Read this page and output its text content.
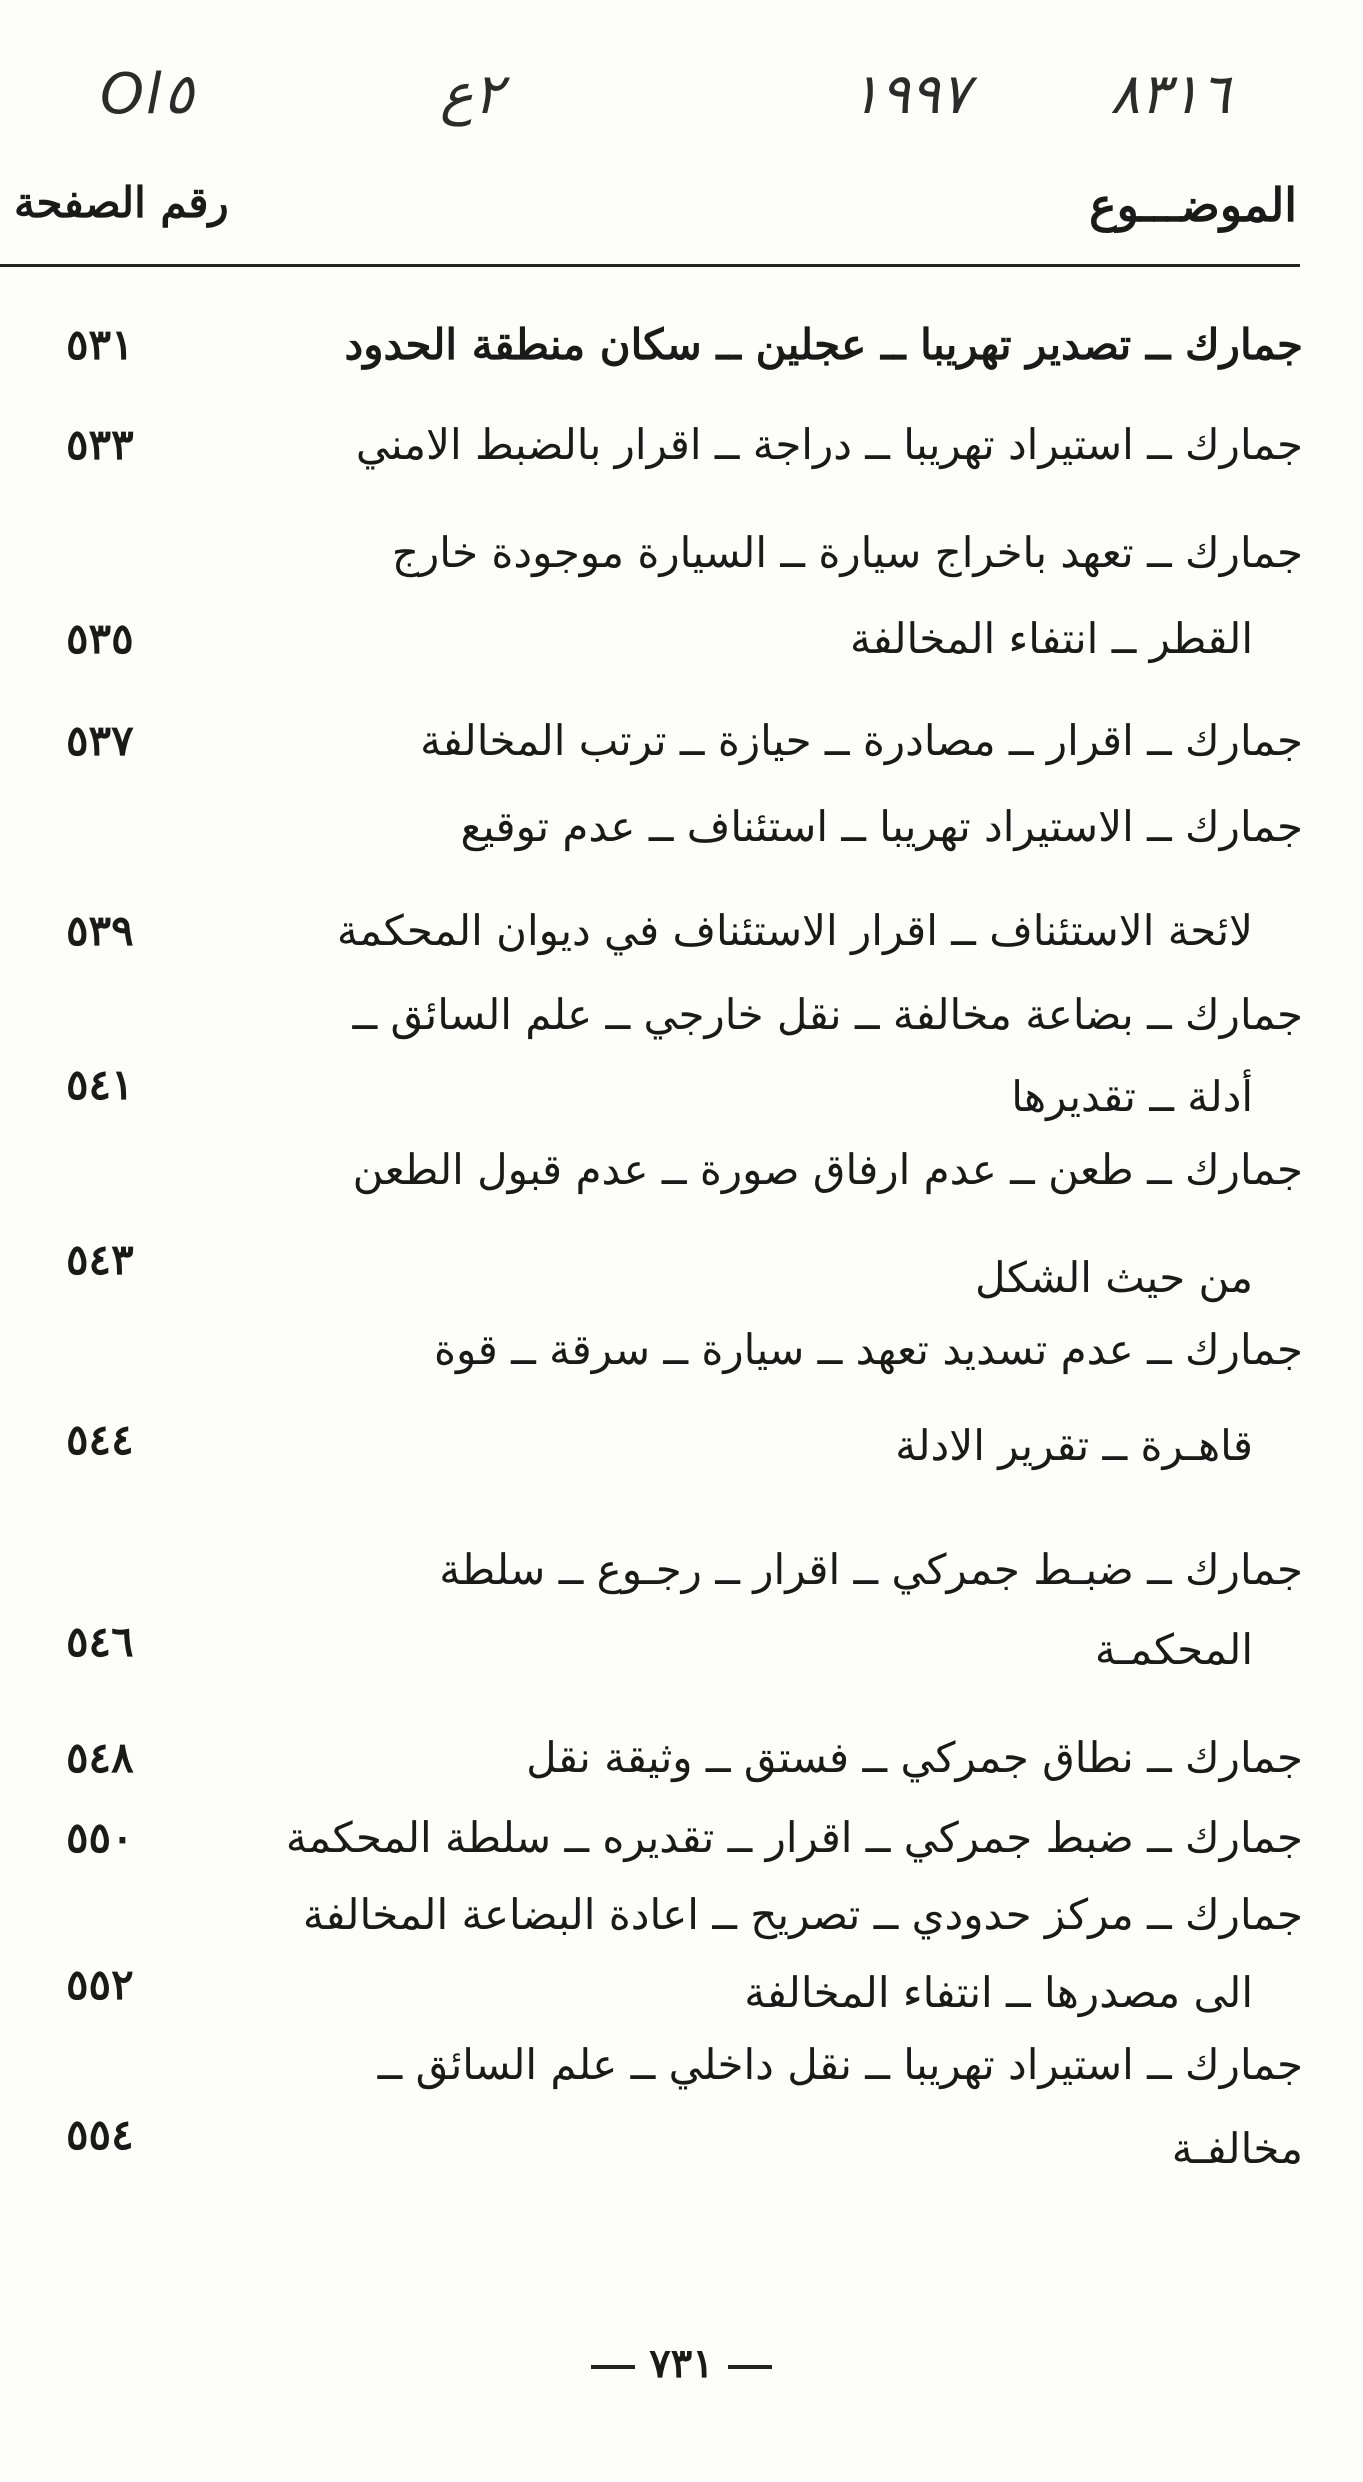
Ol٥	٢ع	١٩٩٧ ٨٣١٦
الموضـــوع
رقم الصفحة
جمارك ــ تصدير تهريبا ــ عجلين ــ سكان منطقة الحدود
٥٣١
جمارك ــ استيراد تهريبا ــ دراجة ــ اقرار بالضبط الامني
٥٣٣
جمارك ــ تعهد باخراج سيارة ــ السيارة موجودة خارج
القطر ــ انتفاء المخالفة
٥٣٥
جمارك ــ اقرار ــ مصادرة ــ حيازة ــ ترتب المخالفة
٥٣٧
جمارك ــ الاستيراد تهريبا ــ استئناف ــ عدم توقيع
لائحة الاستئناف ــ اقرار الاستئناف في ديوان المحكمة
٥٣٩
جمارك ــ بضاعة مخالفة ــ نقل خارجي ــ علم السائق ــ
أدلة ــ تقديرها
٥٤١
جمارك ــ طعن ــ عدم ارفاق صورة ــ عدم قبول الطعن
من حيث الشكل
٥٤٣
جمارك ــ عدم تسديد تعهد ــ سيارة ــ سرقة ــ قوة
قاهـرة ــ تقرير الادلة
٥٤٤
جمارك ــ ضبـط جمركي ــ اقرار ــ رجـوع ــ سلطة
المحكمـة
٥٤٦
جمارك ــ نطاق جمركي ــ فستق ــ وثيقة نقل
٥٤٨
جمارك ــ ضبط جمركي ــ اقرار ــ تقديره ــ سلطة المحكمة
٥٥٠
جمارك ــ مركز حدودي ــ تصريح ــ اعادة البضاعة المخالفة
الى مصدرها ــ انتفاء المخالفة
٥٥٢
جمارك ــ استيراد تهريبا ــ نقل داخلي ــ علم السائق ــ
مخالفـة
٥٥٤
٧٣١
